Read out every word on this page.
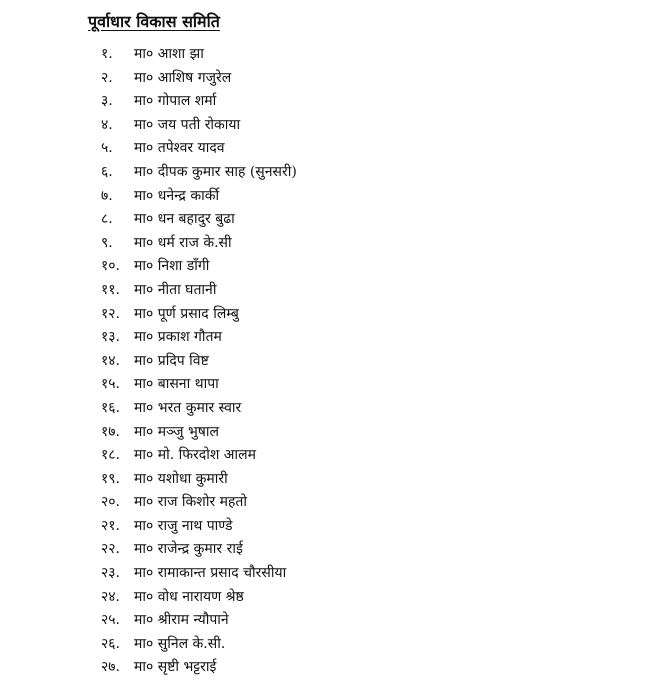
पूर्वाधार विकास समिति
१.	मा० आशा झा
२.	मा० आशिष गजुरेल
३.	मा० गोपाल शर्मा
४.	मा० जय पती रोकाया
५.	मा० तपेश्वर यादव
६.	मा० दीपक कुमार साह (सुनसरी)
७.	मा० धनेन्द्र कार्की
८.	मा० धन बहादुर बुढा
९.	मा० धर्म राज के.सी
१०. मा० निशा डाँगी
११. मा० नीता घतानी
१२. मा० पूर्ण प्रसाद लिम्बु
१३. मा० प्रकाश गौतम
१४. मा० प्रदिप विष्ट
१५. मा० बासना थापा
१६. मा० भरत कुमार स्वार
१७. मा० मञ्जु भुषाल
१८. मा० मो. फिरदोश आलम
१९. मा० यशोधा कुमारी
२०. मा० राज किशोर महतो
२१. मा० राजु नाथ पाण्डे
२२. मा० राजेन्द्र कुमार राई
२३. मा० रामाकान्त प्रसाद चौरसीया
२४. मा० वोध नारायण श्रेष्ठ
२५. मा० श्रीराम न्यौपाने
२६. मा० सुनिल के.सी.
२७. मा० सृष्टी भट्टराई
